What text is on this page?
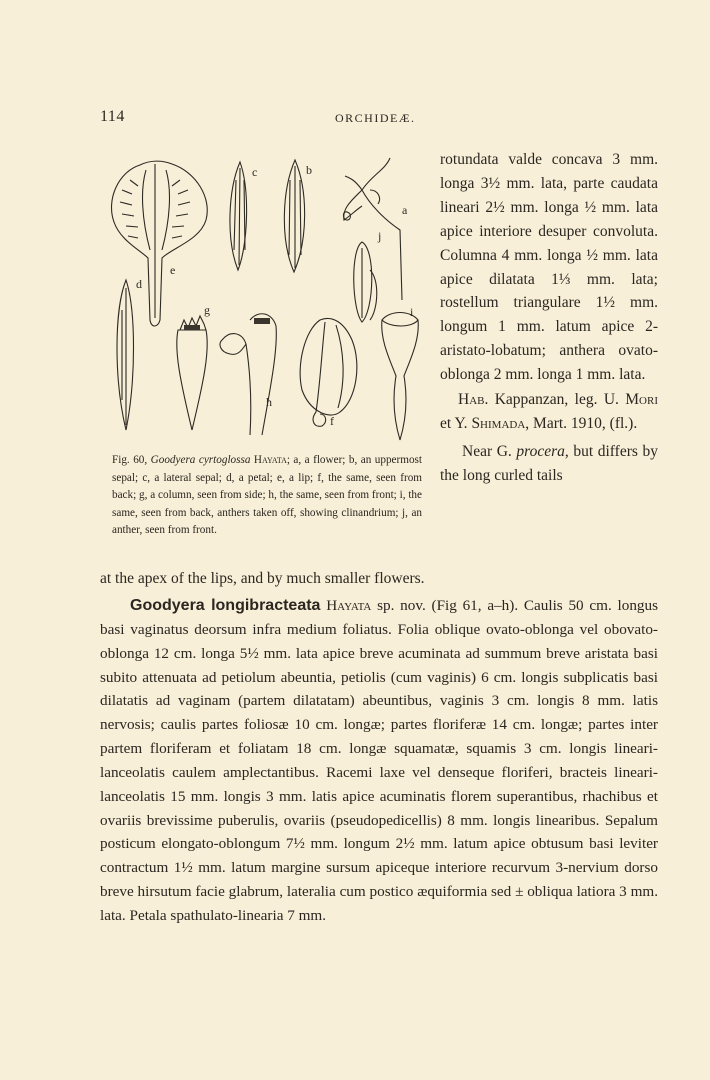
114	ORCHIDEÆ.
c	b
a
j
e
d
g	i
h
f
Fig. 60, Goodyera cyrtoglossa Hayata; a, a flower; b, an uppermost sepal; c, a lateral sepal; d, a petal; e, a lip; f, the same, seen from back; g, a column, seen from side; h, the same, seen from front; i, the same, seen from back, anthers taken off, showing clinandrium; j, an anther, seen from front.

rotundata valde concava 3 mm. longa 3½ mm. lata, parte caudata lineari 2½ mm. longa ½ mm. lata apice interiore desuper convoluta. Columna 4 mm. longa ½ mm. lata apice dilatata 1⅓ mm. lata; rostellum triangulare 1½ mm. longum 1 mm. latum apice 2-aristato-lobatum; anthera ovato-oblonga 2 mm. longa 1 mm. lata.

Hab. Kappanzan, leg. U. Mori et Y. Shimada, Mart. 1910, (fl.).

Near G. procera, but differs by the long curled tails

at the apex of the lips, and by much smaller flowers.
Goodyera longibracteata Hayata sp. nov. (Fig 61, a–h). Caulis 50 cm. longus basi vaginatus deorsum infra medium foliatus. Folia oblique ovato-oblonga vel obovato-oblonga 12 cm. longa 5½ mm. lata apice breve acuminata ad summum breve aristata basi subito attenuata ad petiolum abeuntia, petiolis (cum vaginis) 6 cm. longis subplicatis basi dilatatis ad vaginam (partem dilatatam) abeuntibus, vaginis 3 cm. longis 8 mm. latis nervosis; caulis partes foliosæ 10 cm. longæ; partes floriferæ 14 cm. longæ; partes inter partem floriferam et foliatam 18 cm. longæ squamatæ, squamis 3 cm. longis lineari-lanceolatis caulem amplectantibus. Racemi laxe vel denseque floriferi, bracteis lineari-lanceolatis 15 mm. longis 3 mm. latis apice acuminatis florem superantibus, rhachibus et ovariis brevissime puberulis, ovariis (pseudopedicellis) 8 mm. longis linearibus. Sepalum posticum elongato-oblongum 7½ mm. longum 2½ mm. latum apice obtusum basi leviter contractum 1½ mm. latum margine sursum apiceque interiore recurvum 3-nervium dorso breve hirsutum facie glabrum, lateralia cum postico æquiformia sed ± obliqua latiora 3 mm. lata. Petala spathulato-linearia 7 mm.
